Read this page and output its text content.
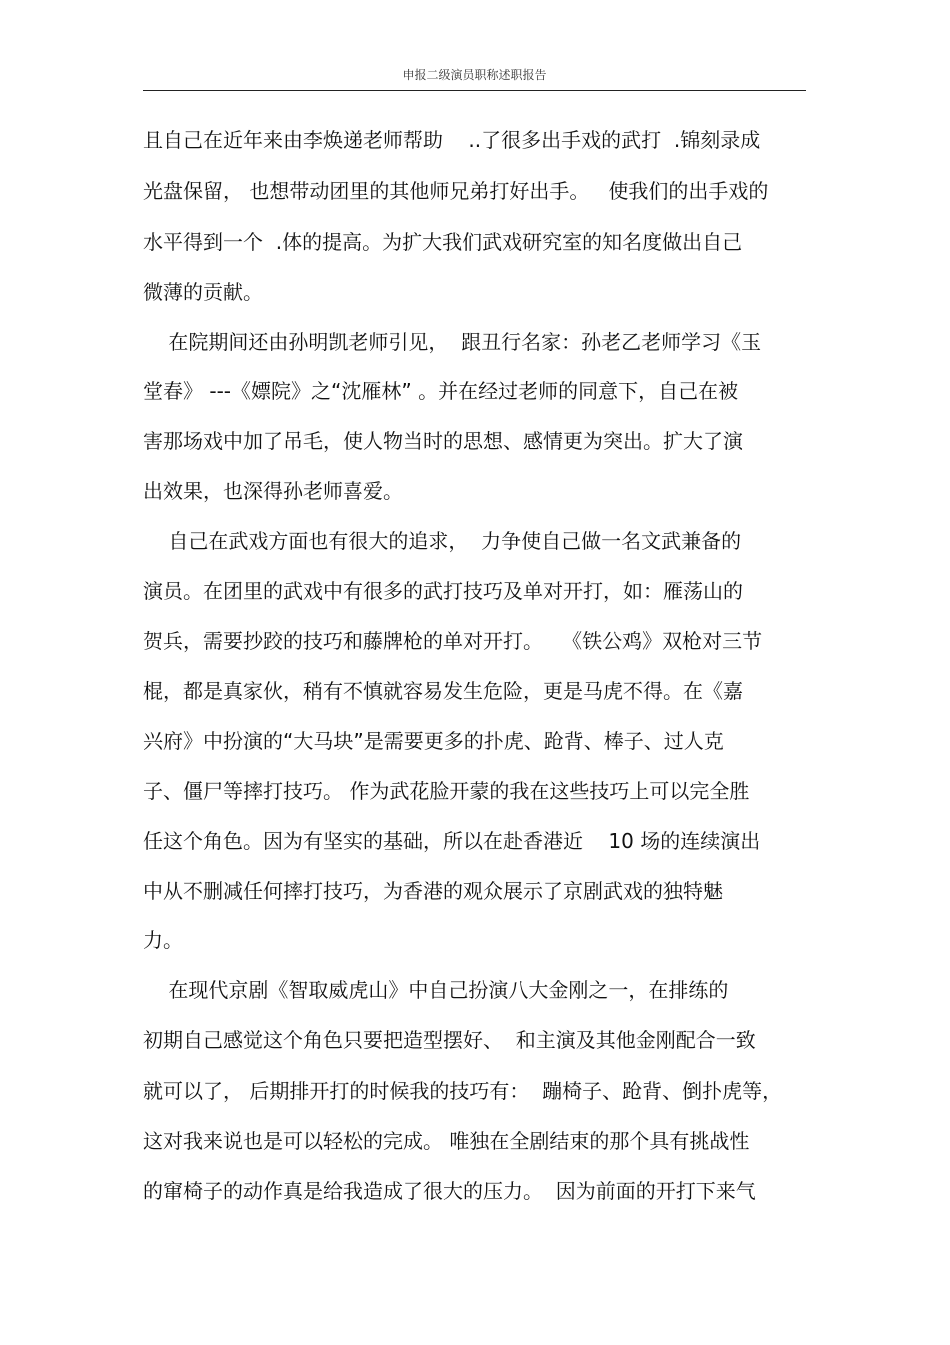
申报二级演员职称述职报告
且自己在近年来由李焕递老师帮助    ..了很多出手戏的武打  .锦刻录成
光盘保留， 也想带动团里的其他师兄弟打好出手。   使我们的出手戏的
水平得到一个  .体的提高。为扩大我们武戏研究室的知名度做出自己
微薄的贡献。
在院期间还由孙明凯老师引见，  跟丑行名家：孙老乙老师学习《玉
堂春》 ---《嫖院》之“沈雁林” 。并在经过老师的同意下，自己在被
害那场戏中加了吊毛，使人物当时的思想、感情更为突出。扩大了演
出效果，也深得孙老师喜爱。
自己在武戏方面也有很大的追求，  力争使自己做一名文武兼备的
演员。在团里的武戏中有很多的武打技巧及单对开打，如：雁荡山的
贺兵，需要抄跤的技巧和藤牌枪的单对开打。   《铁公鸡》双枪对三节
棍，都是真家伙，稍有不慎就容易发生危险，更是马虎不得。在《嘉
兴府》中扮演的“大马块”是需要更多的扑虎、跄背、棒子、过人克
子、僵尸等摔打技巧。 作为武花脸开蒙的我在这些技巧上可以完全胜
任这个角色。因为有坚实的基础，所以在赴香港近    10 场的连续演出
中从不删减任何摔打技巧，为香港的观众展示了京剧武戏的独特魅
力。
在现代京剧《智取威虎山》中自己扮演八大金刚之一，在排练的
初期自己感觉这个角色只要把造型摆好、  和主演及其他金刚配合一致
就可以了， 后期排开打的时候我的技巧有：  蹦椅子、跄背、倒扑虎等，
这对我来说也是可以轻松的完成。 唯独在全剧结束的那个具有挑战性
的窜椅子的动作真是给我造成了很大的压力。  因为前面的开打下来气
